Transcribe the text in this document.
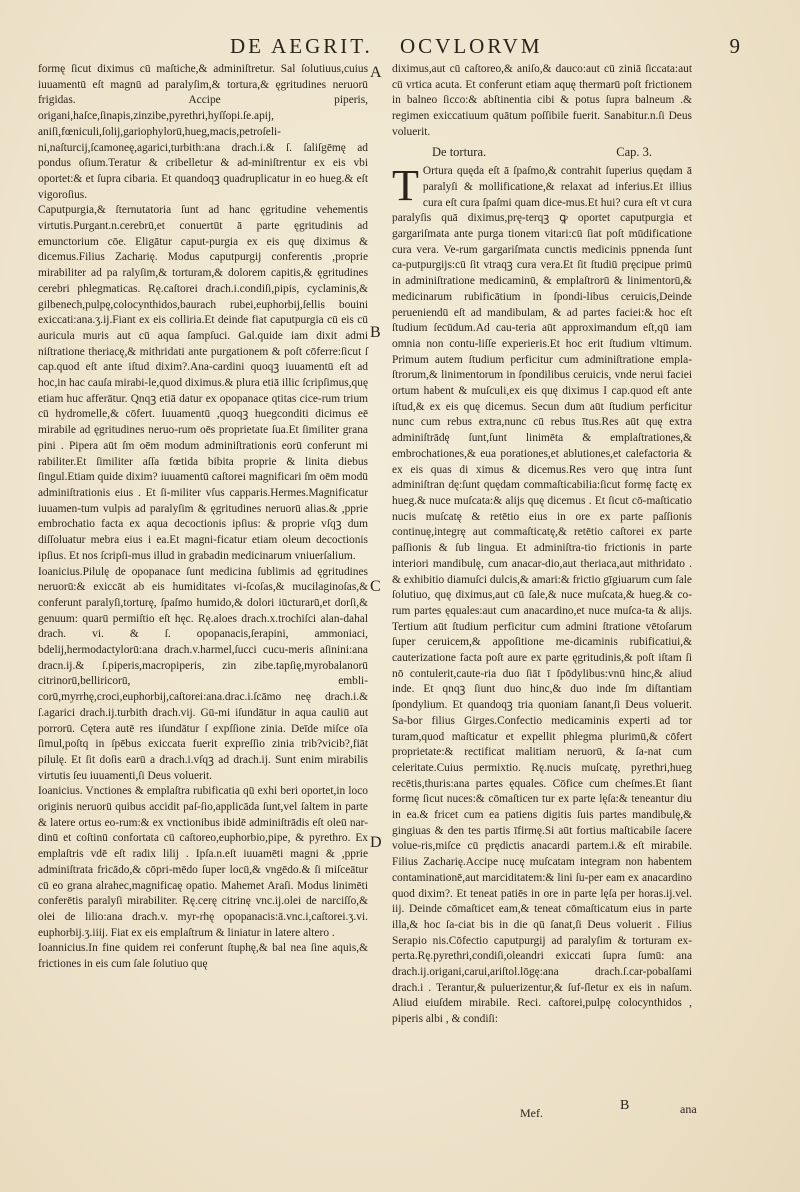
DE AEGRIT. OCVLORVM	9
A
B
C
D

formę ſicut diximus cū maſtiche,& adminiſtretur. Sal ſolutiuus,cuius iuuamentū eſt magnū ad paralyſim,& tortura,& ęgritudines neruorū frigidas. Accipe piperis, origani,haſce,ſinapis,zinzibe,pyrethri,hyſſopi.ſe.apij, aniſi,fœniculi,ſolij,gariophylorū,hueg,macis,petroſeli-ni,naſturcij,ſcamoneę,agarici,turbith:ana drach.i.& ſ. ſaliſgēmę ad pondus oſium.Teratur & cribelletur & ad-miniſtrentur ex eis vbi oportet:& et ſupra cibaria. Et quandoqꝫ quadruplicatur in eo hueg.& eſt vigoroſius.

Caputpurgia,& ſternutatoria ſunt ad hanc ęgritudine vehementis virtutis.Purgant.n.cerebrū,et conuertūt ā parte ęgritudinis ad emunctorium cōe. Eligātur caput-purgia ex eis quę diximus & dicemus.Filius Zacharię. Modus caputpurgij conferentis ,proprie mirabiliter ad pa ralyſim,& torturam,& dolorem capitis,& ęgritudines cerebri phlegmaticas. Rę.caſtorei drach.i.condiſi,pipis, cyclaminis,& gilbenech,pulpę,colocynthidos,baurach rubei,euphorbij,ſellis bouini exiccati:ana.ʒ.ij.Fiant ex eis colliria.Et deinde fiat caputpurgia cū eis cū auricula muris aut cū aqua ſampſuci. Gal.quide iam dixit admi niſtratione theriacę,& mithridati ante purgationem & poſt cōferre:ſicut ſ cap.quod eſt ante iſtud dixim?.Ana-cardini quoqꝫ iuuamentū eſt ad hoc,in hac cauſa mirabi-le,quod diximus.& plura etiā illic ſcripſimus,quę etiam huc afferātur. Qnqꝫ etiā datur ex opopanace qtitas cice-rum trium cū hydromelle,& cōfert. Iuuamentū ,quoqꝫ huegconditi dicimus eē mirabile ad ęgritudines neruo-rum oēs proprietate ſua.Et ſimiliter grana pini . Pipera aūt ſm oēm modum adminiſtrationis eorū conferunt mi rabiliter.Et ſimiliter aſſa fœtida bibita proprie & linita diebus ſingul.Etiam quide dixim? iuuamentū caſtorei magnificari ſm oēm modū adminiſtrationis eius . Et ſi-militer vſus capparis.Hermes.Magnificatur iuuamen-tum vulpis ad paralyſim & ęgritudines neruorū alias.& ,pprie embrochatio facta ex aqua decoctionis ipſius: & proprie vſqꝫ dum diſſoluatur mebra eius i ea.Et magni-ficatur etiam oleum decoctionis ipſius. Et nos ſcripſi-mus illud in grabadin medicinarum vniuerſalium.

Ioanicius.Pilulę de opopanace ſunt medicina ſublimis ad ęgritudines neruorū:& exiccāt ab eis humiditates vi-ſcoſas,& mucilaginoſas,& conferunt paralyſi,torturę, ſpaſmo humido,& dolori iūcturarū,et dorſi,& genuum: quarū permiſtio eſt hęc. Rę.aloes drach.x.trochiſci alan-dahal drach. vi. & ſ. opopanacis,ſerapini, ammoniaci, bdelij,hermodactylorū:ana drach.v.harmel,ſucci cucu-meris aſinini:ana dracn.ij.& ſ.piperis,macropiperis, zin zibe.tapſię,myrobalanorū citrinorū,belliricorū, embli-corū,myrrhę,croci,euphorbij,caſtorei:ana.drac.i.ſcāmo neę drach.i.& ſ.agarici drach.ij.turbith drach.vij. Gū-mi iſundātur in aqua cauliū aut porrorū. Cętera autē res iſundātur ſ expſſione zinia. Deīde miſce oīa ſimul,poſtq in ſpēbus exiccata fuerit expreſſio zinia trib?vicib?,fiāt pilulę. Et ſit doſis earū a drach.i.vſqꝫ ad drach.ij. Sunt enim mirabilis virtutis ſeu iuuamenti,ſi Deus voluerit.

Ioanicius. Vnctiones & emplaſtra rubificatia qū exhi beri oportet,in loco originis neruorū quibus accidit paſ-ſio,applicāda ſunt,vel ſaltem in parte & latere ortus eo-rum:& ex vnctionibus ibidē adminiſtrādis eſt oleū nar-dinū et coſtinū confortata cū caſtoreo,euphorbio,pipe, & pyrethro. Ex emplaſtris vdē eſt radix lilij . Ipſa.n.eſt iuuamēti magni & ,pprie adminiſtrata fricādo,& cōpri-mēdo ſuper locū,& vngēdo.& ſi miſceātur cū eo grana alrahec,magnificaę opatio. Mahemet Araſi. Modus linimēti conferētis paralyſi mirabiliter. Rę.cerę citrinę vnc.ij.olei de narciſſo,& olei de lilio:ana drach.v. myr-rhę opopanacis:ā.vnc.i,caſtorei.ʒ.vi. euphorbij.ʒ.iiij. Fiat ex eis emplaſtrum & liniatur in latere altero .

Ioannicius.In fine quidem rei conferunt ſtuphę,& bal nea ſine aquis,& frictiones in eis cum ſale ſolutiuo quę

diximus,aut cū caſtoreo,& aniſo,& dauco:aut cū ziniā ſiccata:aut cū vrtica acuta. Et conferunt etiam aquę thermarū poſt frictionem in balneo ſicco:& abſtinentia cibi & potus ſupra balneum .& regimen exiccatiuum quātum poſſibile fuerit. Sanabitur.n.ſi Deus voluerit.

De tortura.	Cap. 3.
T Ortura quęda eſt ā ſpaſmo,& contrahit ſuperius quędam ā paralyſi & mollificatione,& relaxat ad inferius.Et illius cura eſt cura ſpaſmi quam dice-mus.Et hui? cura eſt vt cura paralyſis quā diximus,prę-terqꝫ ꝙ oportet caputpurgia et gargariſmata ante purga tionem vitari:cū ſiat poſt mūdificatione cura vera. Ve-rum gargariſmata cunctis medicinis ppnenda ſunt ca-putpurgijs:cū ſit vtraqꝫ cura vera.Et ſit ſtudiū pręcipue primū in adminiſtratione medicaminū, & emplaſtrorū & linimentorū,& medicinarum rubificātium in ſpondi-libus ceruicis,Deinde perueniendū eſt ad mandibulam, & ad partes faciei:& hoc eſt ſtudium ſecūdum.Ad cau-teria aūt approximandum eſt,qū iam omnia non contu-liſſe experieris.Et hoc erit ſtudium vltimum. Primum autem ſtudium perficitur cum adminiſtratione empla-ſtrorum,& linimentorum in ſpondilibus ceruicis, vnde nerui faciei ortum habent & muſculi,ex eis quę diximus I cap.quod eſt ante iſtud,& ex eis quę dicemus. Secun dum aūt ſtudium perficitur nunc cum rebus extra,nunc cū rebus ītus.Res aūt quę extra adminiſtrādę ſunt,ſunt linimēta & emplaſtrationes,& embrochationes,& eua porationes,et ablutiones,et calefactoria & ex eis quas di ximus & dicemus.Res vero quę intra ſunt adminiſtran dę:ſunt quędam commaſticabilia:ſicut formę factę ex hueg.& nuce muſcata:& alijs quę dicemus . Et ſicut cō-maſticatio nucis muſcatę & retētio eius in ore ex parte paſſionis continuę,integrę aut commaſticatę,& retētio caſtorei ex parte paſſionis & ſub lingua. Et adminiſtra-tio frictionis in parte interiori mandibulę, cum anacar-dio,aut theriaca,aut mithridato . & exhibitio diamuſci dulcis,& amari:& frictio gīgiuarum cum ſale ſolutiuo, quę diximus,aut cū ſale,& nuce muſcata,& hueg.& co-rum partes ęquales:aut cum anacardino,et nuce muſca-ta & alijs. Tertium aūt ſtudium perficitur cum admini ſtratione vētoſarum ſuper ceruicem,& appoſitione me-dicaminis rubificatiui,& cauterizatione facta poſt aure ex parte ęgritudinis,& poſt iſtam ſi nō contulerit,caute-ria duo ſiāt ī ſpōdylibus:vnū hinc,& aliud inde. Et qnqꝫ ſiunt duo hinc,& duo inde ſm diſtantiam ſpondylium. Et quandoqꝫ tria quoniam ſanant,ſi Deus voluerit. Sa-bor filius Girges.Confectio medicaminis experti ad tor turam,quod maſticatur et expellit phlegma plurimū,& cōfert proprietate:& rectificat malitiam neruorū, & ſa-nat cum celeritate.Cuius permixtio. Rę.nucis muſcatę, pyrethri,hueg recētis,thuris:ana partes ęquales. Cōfice cum cheſmes.Et ſiant formę ſicut nuces:& cōmaſticen tur ex parte lęſa:& teneantur diu in ea.& fricet cum ea patiens digitis ſuis partes mandibulę,& gingiuas & den tes partis īfirmę.Si aūt fortius maſticabile ſacere volue-ris,miſce cū prędictis anacardi partem.i.& eſt mirabile. Filius Zacharię.Accipe nucę muſcatam integram non habentem contaminationē,aut marciditatem:& lini ſu-per eam ex anacardino quod dixim?. Et teneat patiēs in ore in parte lęſa per horas.ij.vel. iij. Deinde cōmaſticet eam,& teneat cōmaſticatum eius in parte illa,& hoc ſa-ciat bis in die qū ſanat,ſi Deus voluerit . Filius Serapio nis.Cōfectio caputpurgij ad paralyſim & torturam ex-perta.Rę.pyrethri,condiſi,oleandri exiccati ſupra ſumū: ana drach.ij.origani,carui,ariſtol.lōgę:ana drach.ſ.car-pobalſami drach.i . Terantur,& puluerizentur,& ſuf-ſletur ex eis in naſum. Aliud eiuſdem mirabile. Reci. caſtorei,pulpę colocynthidos , piperis albi , & condiſi:

Mef.	B	ana
